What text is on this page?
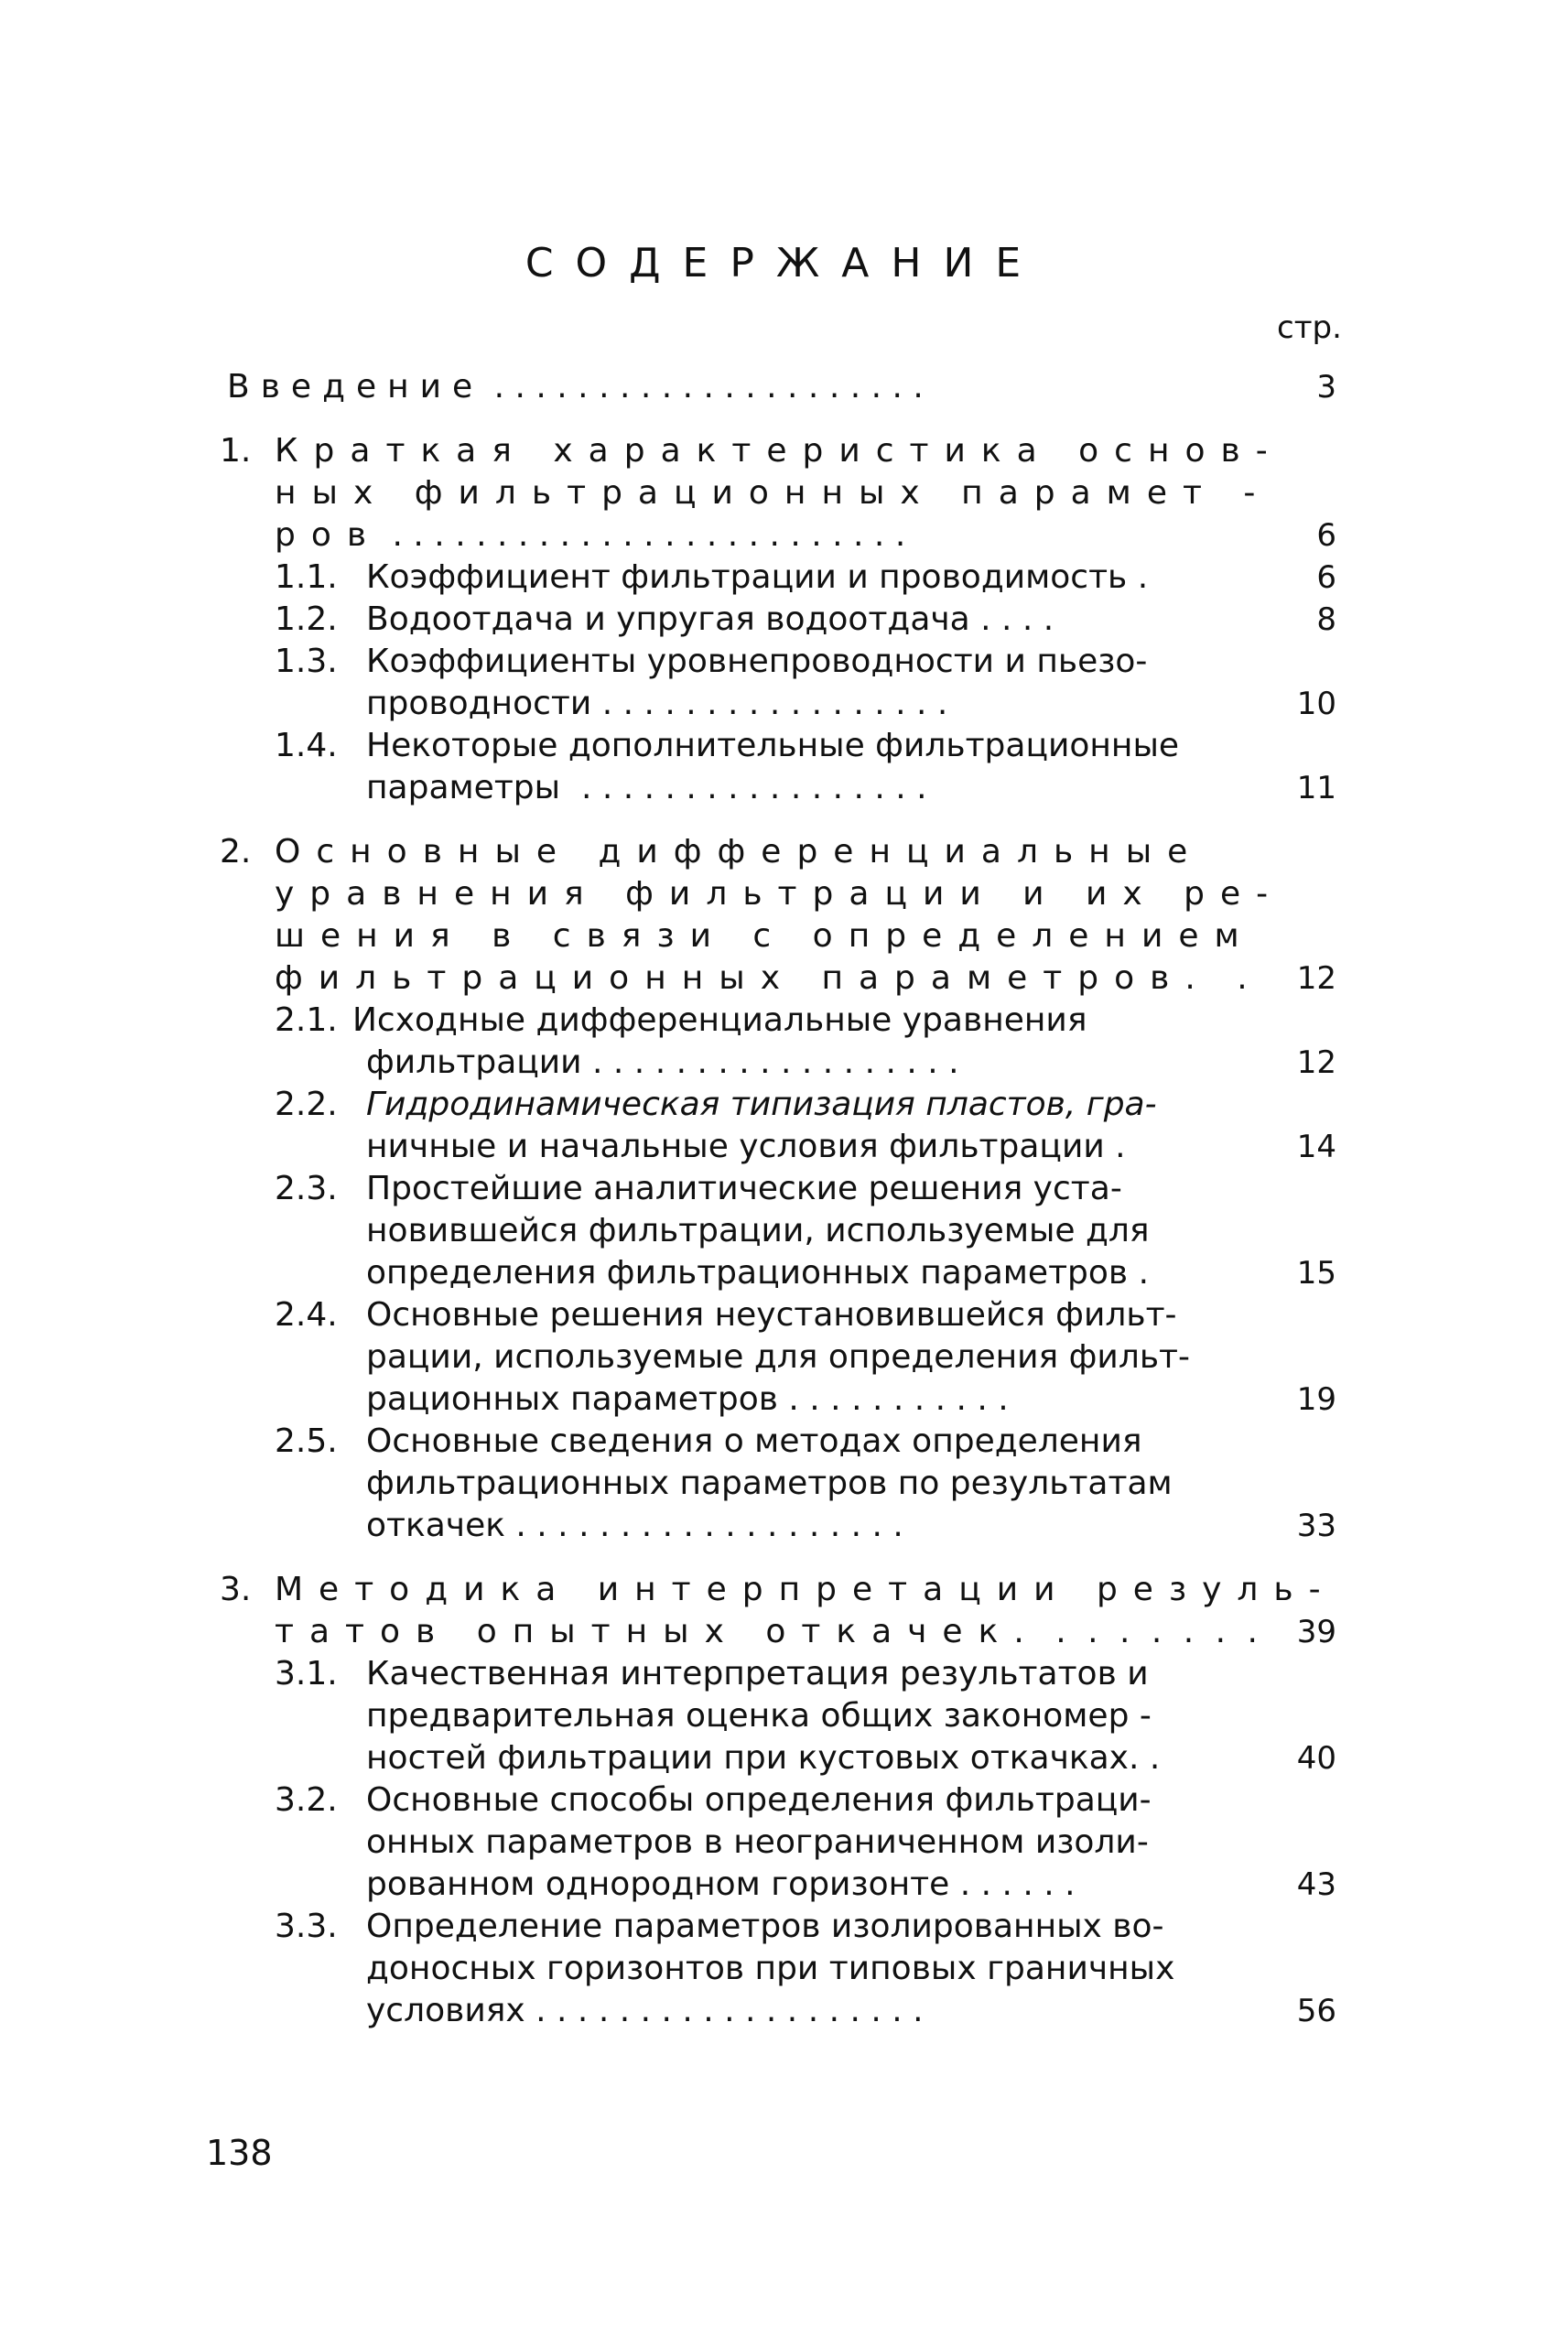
СОДЕРЖАНИЕ
стр.
Введение . . . . . . . . . . . . . . . . . . . . .	3
1. Краткая характеристика основ-
ных фильтрационных парамет -
ров . . . . . . . . . . . . . . . . . . . . . . . . .	6
1.1. Коэффициент фильтрации и проводимость .	6
1.2. Водоотдача и упругая водоотдача . . . .	8
1.3. Коэффициенты уровнепроводности и пьезо-
проводности . . . . . . . . . . . . . . . . .	10
1.4. Некоторые дополнительные фильтрационные
параметры  . . . . . . . . . . . . . . . . .	11
2. Основные дифференциальные
уравнения фильтрации и их ре-
шения в связи с определением
фильтрационных параметров. .	12
2.1. Исходные дифференциальные уравнения
фильтрации . . . . . . . . . . . . . . . . . .	12
2.2. Гидродинамическая типизация пластов, гра-
ничные и начальные условия фильтрации .	14
2.3. Простейшие аналитические решения уста-
новившейся фильтрации, используемые для
определения фильтрационных параметров .	15
2.4. Основные решения неустановившейся фильт-
рации, используемые для определения фильт-
рационных параметров . . . . . . . . . . .	19
2.5. Основные сведения о методах определения
фильтрационных параметров по результатам
откачек . . . . . . . . . . . . . . . . . . .	33
3. Методика интерпретации резуль-
татов опытных откачек. . . . . . . .	39
3.1. Качественная интерпретация результатов и
предварительная оценка общих закономер -
ностей фильтрации при кустовых откачках. .	40
3.2. Основные способы определения фильтраци-
онных параметров в неограниченном изоли-
рованном однородном горизонте . . . . . .	43
3.3. Определение параметров изолированных во-
доносных горизонтов при типовых граничных
условиях . . . . . . . . . . . . . . . . . . .	56
138
